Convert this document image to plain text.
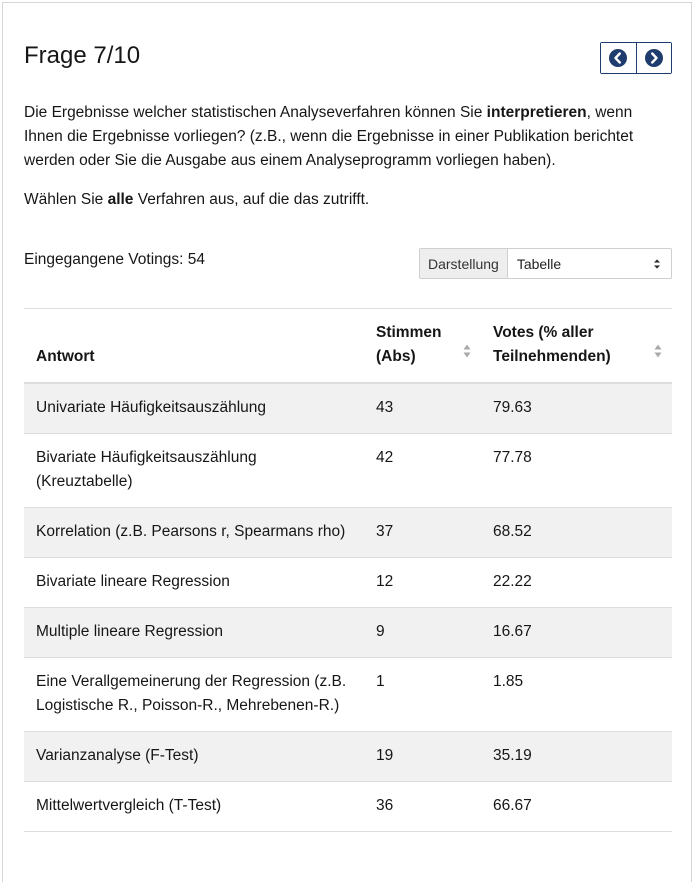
Frage 7/10

Die Ergebnisse welcher statistischen Analyseverfahren können Sie interpretieren, wenn Ihnen die Ergebnisse vorliegen? (z.B., wenn die Ergebnisse in einer Publikation berichtet werden oder Sie die Ausgabe aus einem Analyseprogramm vorliegen haben).

Wählen Sie alle Verfahren aus, auf die das zutrifft.

Eingegangene Votings: 54	Darstellung	Tabelle
Antwort	Stimmen (Abs)	Votes (% aller Teilnehmenden)

Univariate Häufigkeitsauszählung	43	79.63
Bivariate Häufigkeitsauszählung (Kreuztabelle)	42	77.78
Korrelation (z.B. Pearsons r, Spearmans rho)	37	68.52
Bivariate lineare Regression	12	22.22
Multiple lineare Regression	9	16.67
Eine Verallgemeinerung der Regression (z.B. Logistische R., Poisson-R., Mehrebenen-R.)	1	1.85
Varianzanalyse (F-Test)	19	35.19
Mittelwertvergleich (T-Test)	36	66.67
